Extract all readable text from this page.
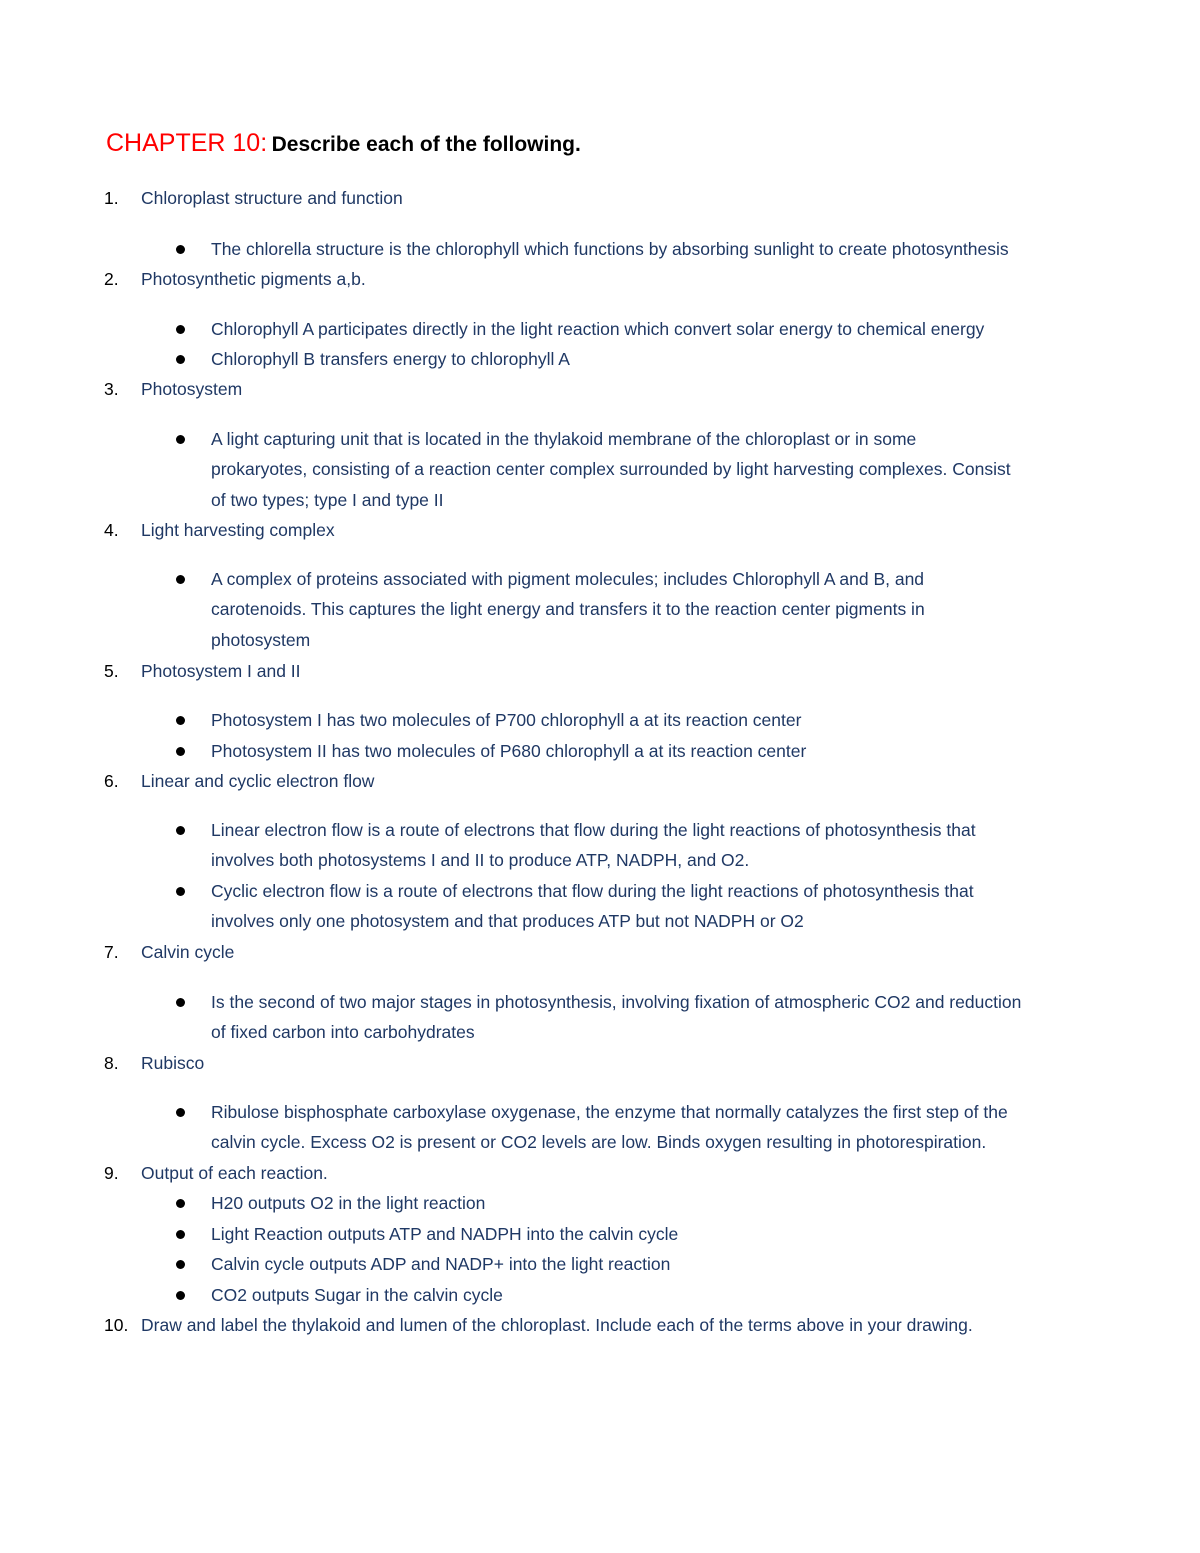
CHAPTER 10: Describe each of the following.
1.	Chloroplast structure and function
The chlorella structure is the chlorophyll which functions by absorbing sunlight to create photosynthesis
2.	Photosynthetic pigments a,b.
Chlorophyll A participates directly in the light reaction which convert solar energy to chemical energy
Chlorophyll B transfers energy to chlorophyll A
3.	Photosystem
A light capturing unit that is located in the thylakoid membrane of the chloroplast or in some
prokaryotes, consisting of a reaction center complex surrounded by light harvesting complexes. Consist
of two types; type I and type II
4.	Light harvesting complex
A complex of proteins associated with pigment molecules; includes Chlorophyll A and B, and
carotenoids. This captures the light energy and transfers it to the reaction center pigments in
photosystem
5.	Photosystem I and II
Photosystem I has two molecules of P700 chlorophyll a at its reaction center
Photosystem II has two molecules of P680 chlorophyll a at its reaction center
6.	Linear and cyclic electron flow
Linear electron flow is a route of electrons that flow during the light reactions of photosynthesis that
involves both photosystems I and II to produce ATP, NADPH, and O2.
Cyclic electron flow is a route of electrons that flow during the light reactions of photosynthesis that
involves only one photosystem and that produces ATP but not NADPH or O2
7.	Calvin cycle
Is the second of two major stages in photosynthesis, involving fixation of atmospheric CO2 and reduction
of fixed carbon into carbohydrates
8.	Rubisco
Ribulose bisphosphate carboxylase oxygenase, the enzyme that normally catalyzes the first step of the
calvin cycle. Excess O2 is present or CO2 levels are low. Binds oxygen resulting in photorespiration.
9.	Output of each reaction.
H20 outputs O2 in the light reaction
Light Reaction outputs ATP and NADPH into the calvin cycle
Calvin cycle outputs ADP and NADP+ into the light reaction
CO2 outputs Sugar in the calvin cycle
10. Draw and label the thylakoid and lumen of the chloroplast. Include each of the terms above in your drawing.
